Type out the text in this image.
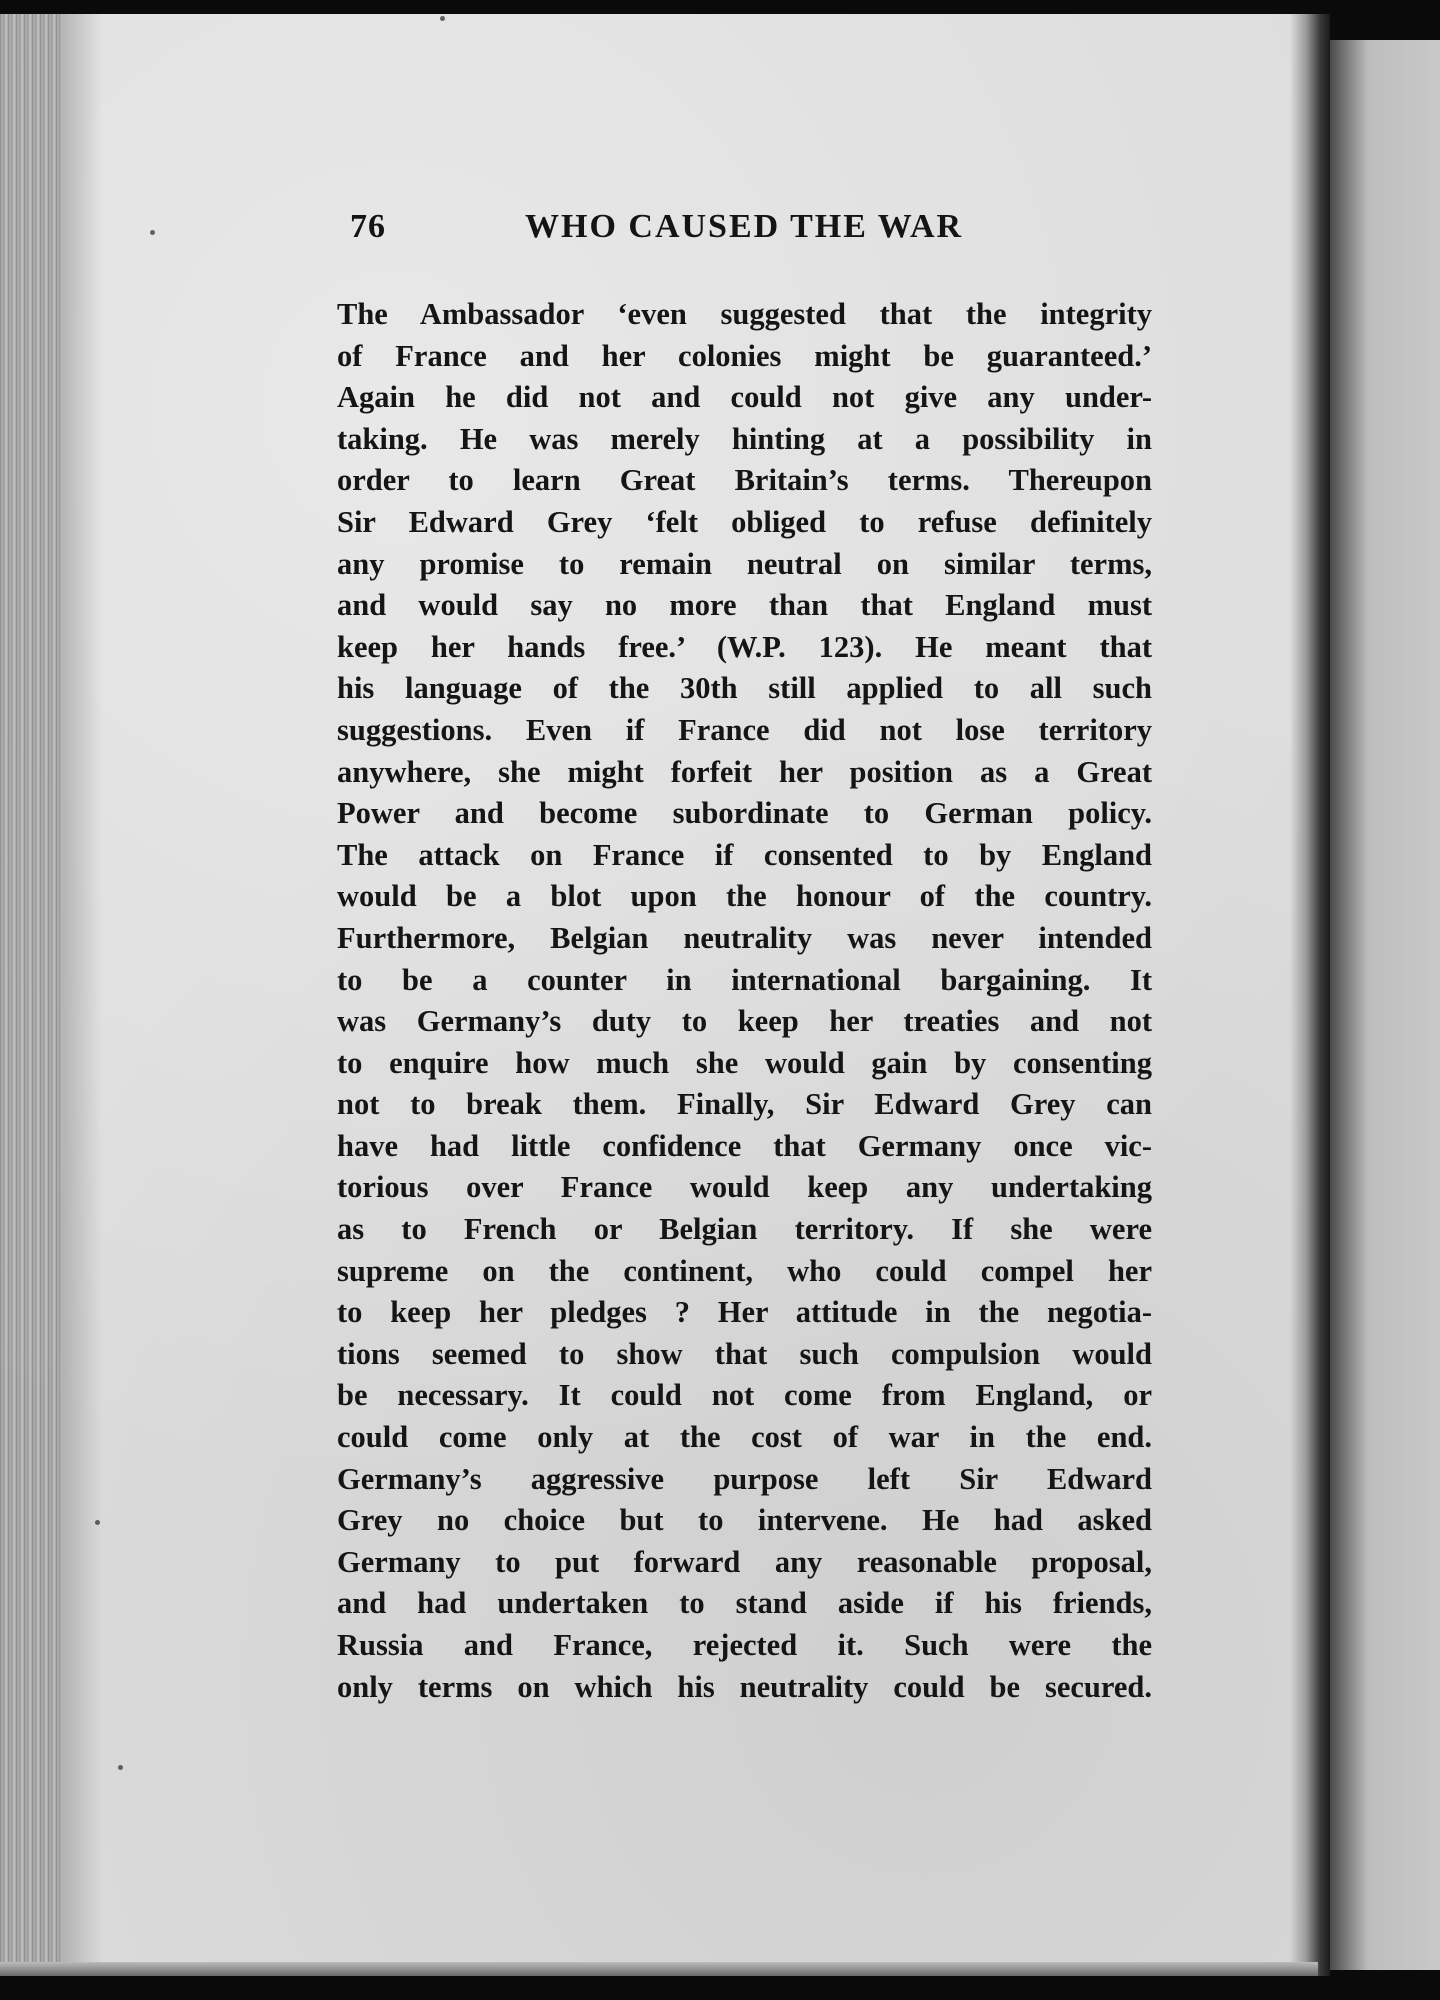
76	WHO CAUSED THE WAR
The Ambassador ‘even suggested that the integrity
of France and her colonies might be guaranteed.’
Again he did not and could not give any under-
taking. He was merely hinting at a possibility in
order to learn Great Britain’s terms. Thereupon
Sir Edward Grey ‘felt obliged to refuse definitely
any promise to remain neutral on similar terms,
and would say no more than that England must
keep her hands free.’ (W.P. 123). He meant that
his language of the 30th still applied to all such
suggestions. Even if France did not lose territory
anywhere, she might forfeit her position as a Great
Power and become subordinate to German policy.
The attack on France if consented to by England
would be a blot upon the honour of the country.
Furthermore, Belgian neutrality was never intended
to be a counter in international bargaining. It
was Germany’s duty to keep her treaties and not
to enquire how much she would gain by consenting
not to break them. Finally, Sir Edward Grey can
have had little confidence that Germany once vic-
torious over France would keep any undertaking
as to French or Belgian territory. If she were
supreme on the continent, who could compel her
to keep her pledges ? Her attitude in the negotia-
tions seemed to show that such compulsion would
be necessary. It could not come from England, or
could come only at the cost of war in the end.
Germany’s aggressive purpose left Sir Edward
Grey no choice but to intervene. He had asked
Germany to put forward any reasonable proposal,
and had undertaken to stand aside if his friends,
Russia and France, rejected it. Such were the
only terms on which his neutrality could be secured.
